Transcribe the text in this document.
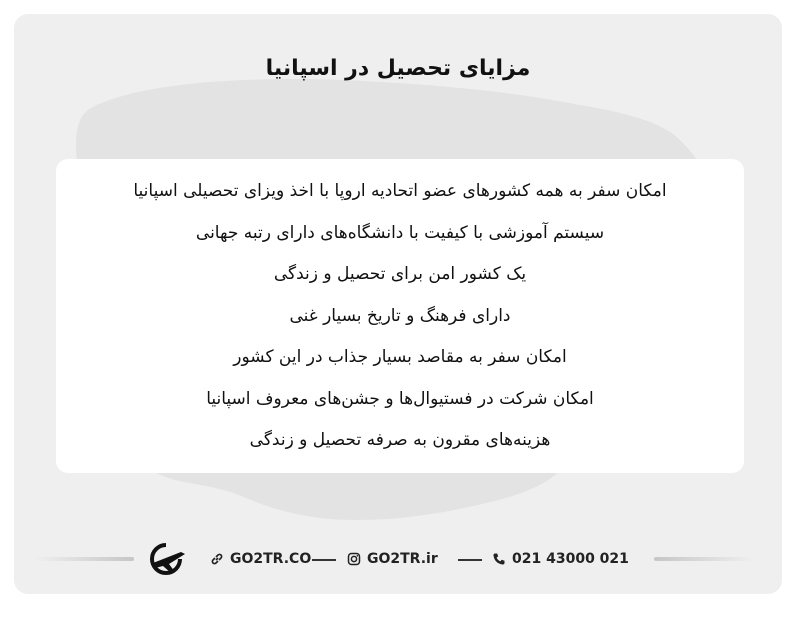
مزایای تحصیل در اسپانیا
امکان سفر به همه کشورهای عضو اتحادیه اروپا با اخذ ویزای تحصیلی اسپانیا
سیستم آموزشی با کیفیت با دانشگاه‌های دارای رتبه جهانی
یک کشور امن برای تحصیل و زندگی
دارای فرهنگ و تاریخ بسیار غنی
امکان سفر به مقاصد بسیار جذاب در این کشور
امکان شرکت در فستیوال‌ها و جشن‌های معروف اسپانیا
هزینه‌های مقرون به صرفه تحصیل و زندگی
GO2TR.CO	GO2TR.ir	021 43000 021
